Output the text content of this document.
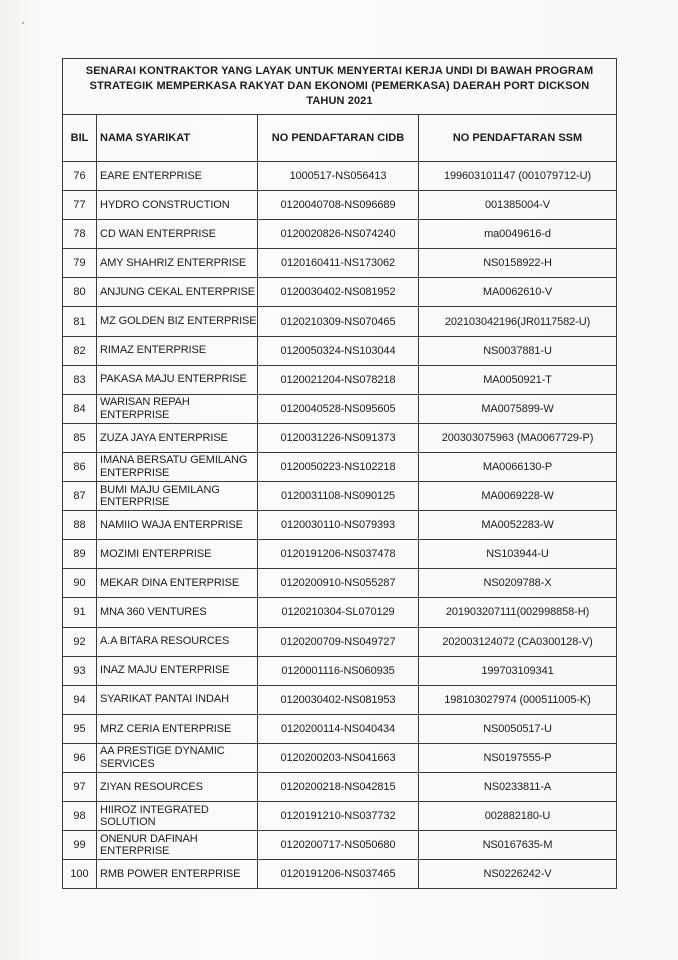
SENARAI KONTRAKTOR YANG LAYAK UNTUK MENYERTAI KERJA UNDI DI BAWAH PROGRAM
STRATEGIK MEMPERKASA RAKYAT DAN EKONOMI (PEMERKASA) DAERAH PORT DICKSON
TAHUN 2021			

BIL	NAMA SYARIKAT	NO PENDAFTARAN CIDB	NO PENDAFTARAN SSM
76	EARE ENTERPRISE	1000517-NS056413	199603101147 (001079712-U)
77	HYDRO CONSTRUCTION	0120040708-NS096689	001385004-V
78	CD WAN ENTERPRISE	0120020826-NS074240	ma0049616-d
79	AMY SHAHRIZ ENTERPRISE	0120160411-NS173062	NS0158922-H
80	ANJUNG CEKAL ENTERPRISE	0120030402-NS081952	MA0062610-V
81	MZ GOLDEN BIZ ENTERPRISE	0120210309-NS070465	202103042196(JR0117582-U)
82	RIMAZ ENTERPRISE	0120050324-NS103044	NS0037881-U
83	PAKASA MAJU ENTERPRISE	0120021204-NS078218	MA0050921-T
84	WARISAN REPAH ENTERPRISE	0120040528-NS095605	MA0075899-W
85	ZUZA JAYA ENTERPRISE	0120031226-NS091373	200303075963 (MA0067729-P)
86	IMANA BERSATU GEMILANG ENTERPRISE	0120050223-NS102218	MA0066130-P
87	BUMI MAJU GEMILANG ENTERPRISE	0120031108-NS090125	MA0069228-W
88	NAMIIO WAJA ENTERPRISE	0120030110-NS079393	MA0052283-W
89	MOZIMI ENTERPRISE	0120191206-NS037478	NS103944-U
90	MEKAR DINA ENTERPRISE	0120200910-NS055287	NS0209788-X
91	MNA 360 VENTURES	0120210304-SL070129	201903207111(002998858-H)
92	A.A BITARA RESOURCES	0120200709-NS049727	202003124072 (CA0300128-V)
93	INAZ MAJU ENTERPRISE	0120001116-NS060935	199703109341
94	SYARIKAT PANTAI INDAH	0120030402-NS081953	198103027974 (000511005-K)
95	MRZ CERIA ENTERPRISE	0120200114-NS040434	NS0050517-U
96	AA PRESTIGE DYNAMIC SERVICES	0120200203-NS041663	NS0197555-P
97	ZIYAN RESOURCES	0120200218-NS042815	NS0233811-A
98	HIIROZ INTEGRATED SOLUTION	0120191210-NS037732	002882180-U
99	ONENUR DAFINAH ENTERPRISE	0120200717-NS050680	NS0167635-M
100	RMB POWER ENTERPRISE	0120191206-NS037465	NS0226242-V
